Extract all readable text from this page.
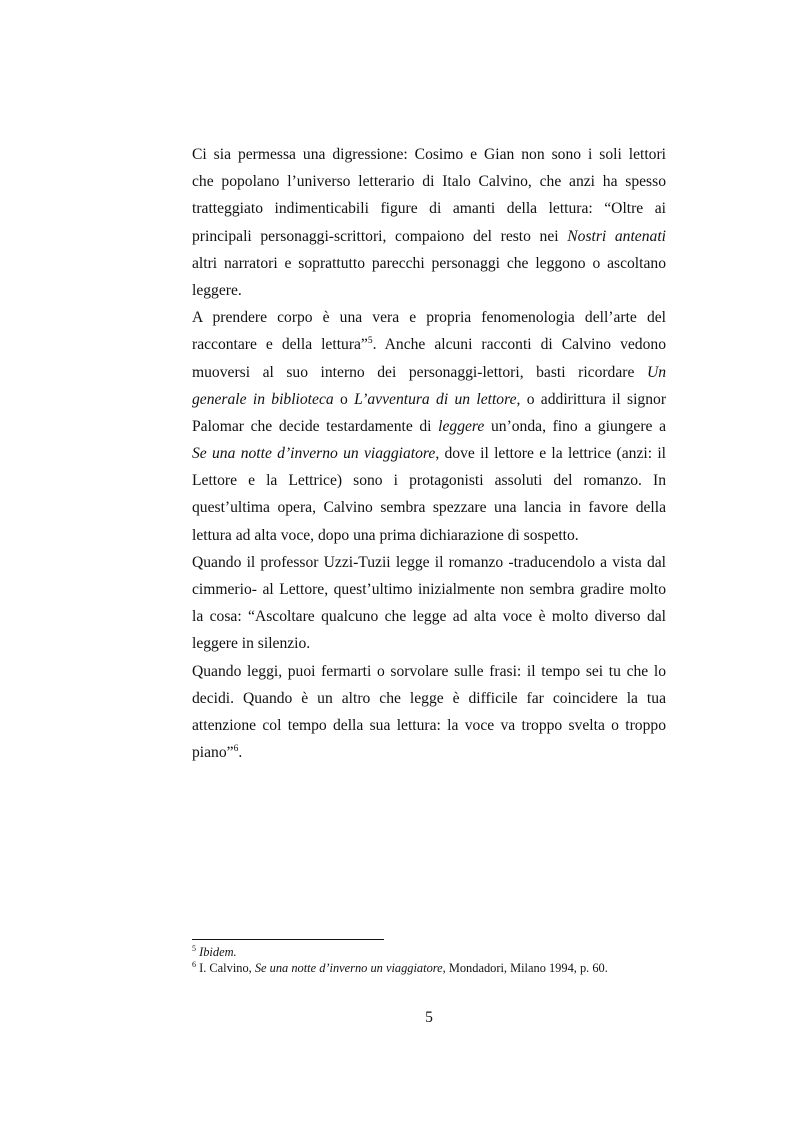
Ci sia permessa una digressione: Cosimo e Gian non sono i soli lettori
che popolano l’universo letterario di Italo Calvino, che anzi ha spesso
tratteggiato indimenticabili figure di amanti della lettura: “Oltre ai
principali personaggi-scrittori, compaiono del resto nei Nostri antenati
altri narratori e soprattutto parecchi personaggi che leggono o ascoltano
leggere.
A prendere corpo è una vera e propria fenomenologia dell’arte del
raccontare e della lettura”$^5$. Anche alcuni racconti di Calvino vedono
muoversi al suo interno dei personaggi-lettori, basti ricordare Un
generale in biblioteca o L’avventura di un lettore, o addirittura il signor
Palomar che decide testardamente di leggere un’onda, fino a giungere a
Se una notte d’inverno un viaggiatore, dove il lettore e la lettrice (anzi: il
Lettore e la Lettrice) sono i protagonisti assoluti del romanzo. In
quest’ultima opera, Calvino sembra spezzare una lancia in favore della
lettura ad alta voce, dopo una prima dichiarazione di sospetto.
Quando il professor Uzzi-Tuzii legge il romanzo -traducendolo a vista dal
cimmerio- al Lettore, quest’ultimo inizialmente non sembra gradire molto
la cosa: “Ascoltare qualcuno che legge ad alta voce è molto diverso dal
leggere in silenzio.
Quando leggi, puoi fermarti o sorvolare sulle frasi: il tempo sei tu che lo
decidi. Quando è un altro che legge è difficile far coincidere la tua
attenzione col tempo della sua lettura: la voce va troppo svelta o troppo
piano”$^6$.
$^5$ Ibidem.
$^6$ I. Calvino, Se una notte d’inverno un viaggiatore, Mondadori, Milano 1994, p. 60.
5
